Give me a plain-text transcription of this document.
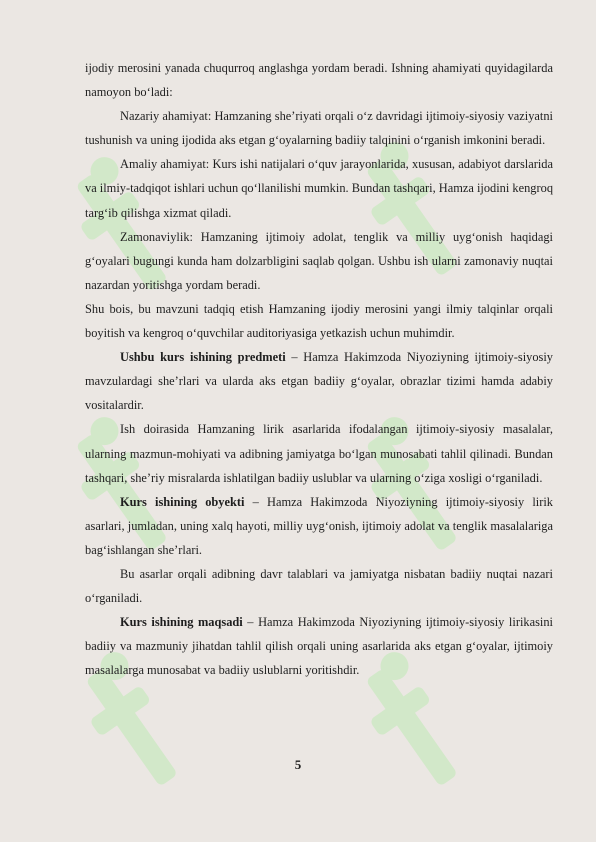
ijodiy merosini yanada chuqurroq anglashga yordam beradi. Ishning ahamiyati quyidagilarda namoyon bo‘ladi:

Nazariy ahamiyat: Hamzaning she’riyati orqali o‘z davridagi ijtimoiy-siyosiy vaziyatni tushunish va uning ijodida aks etgan g‘oyalarning badiiy talqinini o‘rganish imkonini beradi.

Amaliy ahamiyat: Kurs ishi natijalari o‘quv jarayonlarida, xususan, adabiyot darslarida va ilmiy-tadqiqot ishlari uchun qo‘llanilishi mumkin. Bundan tashqari, Hamza ijodini kengroq targ‘ib qilishga xizmat qiladi.

Zamonaviylik: Hamzaning ijtimoiy adolat, tenglik va milliy uyg‘onish haqidagi g‘oyalari bugungi kunda ham dolzarbligini saqlab qolgan. Ushbu ish ularni zamonaviy nuqtai nazardan yoritishga yordam beradi.

Shu bois, bu mavzuni tadqiq etish Hamzaning ijodiy merosini yangi ilmiy talqinlar orqali boyitish va kengroq o‘quvchilar auditoriyasiga yetkazish uchun muhimdir.

Ushbu kurs ishining predmeti – Hamza Hakimzoda Niyoziyning ijtimoiy-siyosiy mavzulardagi she’rlari va ularda aks etgan badiiy g‘oyalar, obrazlar tizimi hamda adabiy vositalardir.

Ish doirasida Hamzaning lirik asarlarida ifodalangan ijtimoiy-siyosiy masalalar, ularning mazmun-mohiyati va adibning jamiyatga bo‘lgan munosabati tahlil qilinadi. Bundan tashqari, she’riy misralarda ishlatilgan badiiy uslublar va ularning o‘ziga xosligi o‘rganiladi.

Kurs ishining obyekti – Hamza Hakimzoda Niyoziyning ijtimoiy-siyosiy lirik asarlari, jumladan, uning xalq hayoti, milliy uyg‘onish, ijtimoiy adolat va tenglik masalalariga bag‘ishlangan she’rlari.

Bu asarlar orqali adibning davr talablari va jamiyatga nisbatan badiiy nuqtai nazari o‘rganiladi.

Kurs ishining maqsadi – Hamza Hakimzoda Niyoziyning ijtimoiy-siyosiy lirikasini badiiy va mazmuniy jihatdan tahlil qilish orqali uning asarlarida aks etgan g‘oyalar, ijtimoiy masalalarga munosabat va badiiy uslublarni yoritishdir.

5
